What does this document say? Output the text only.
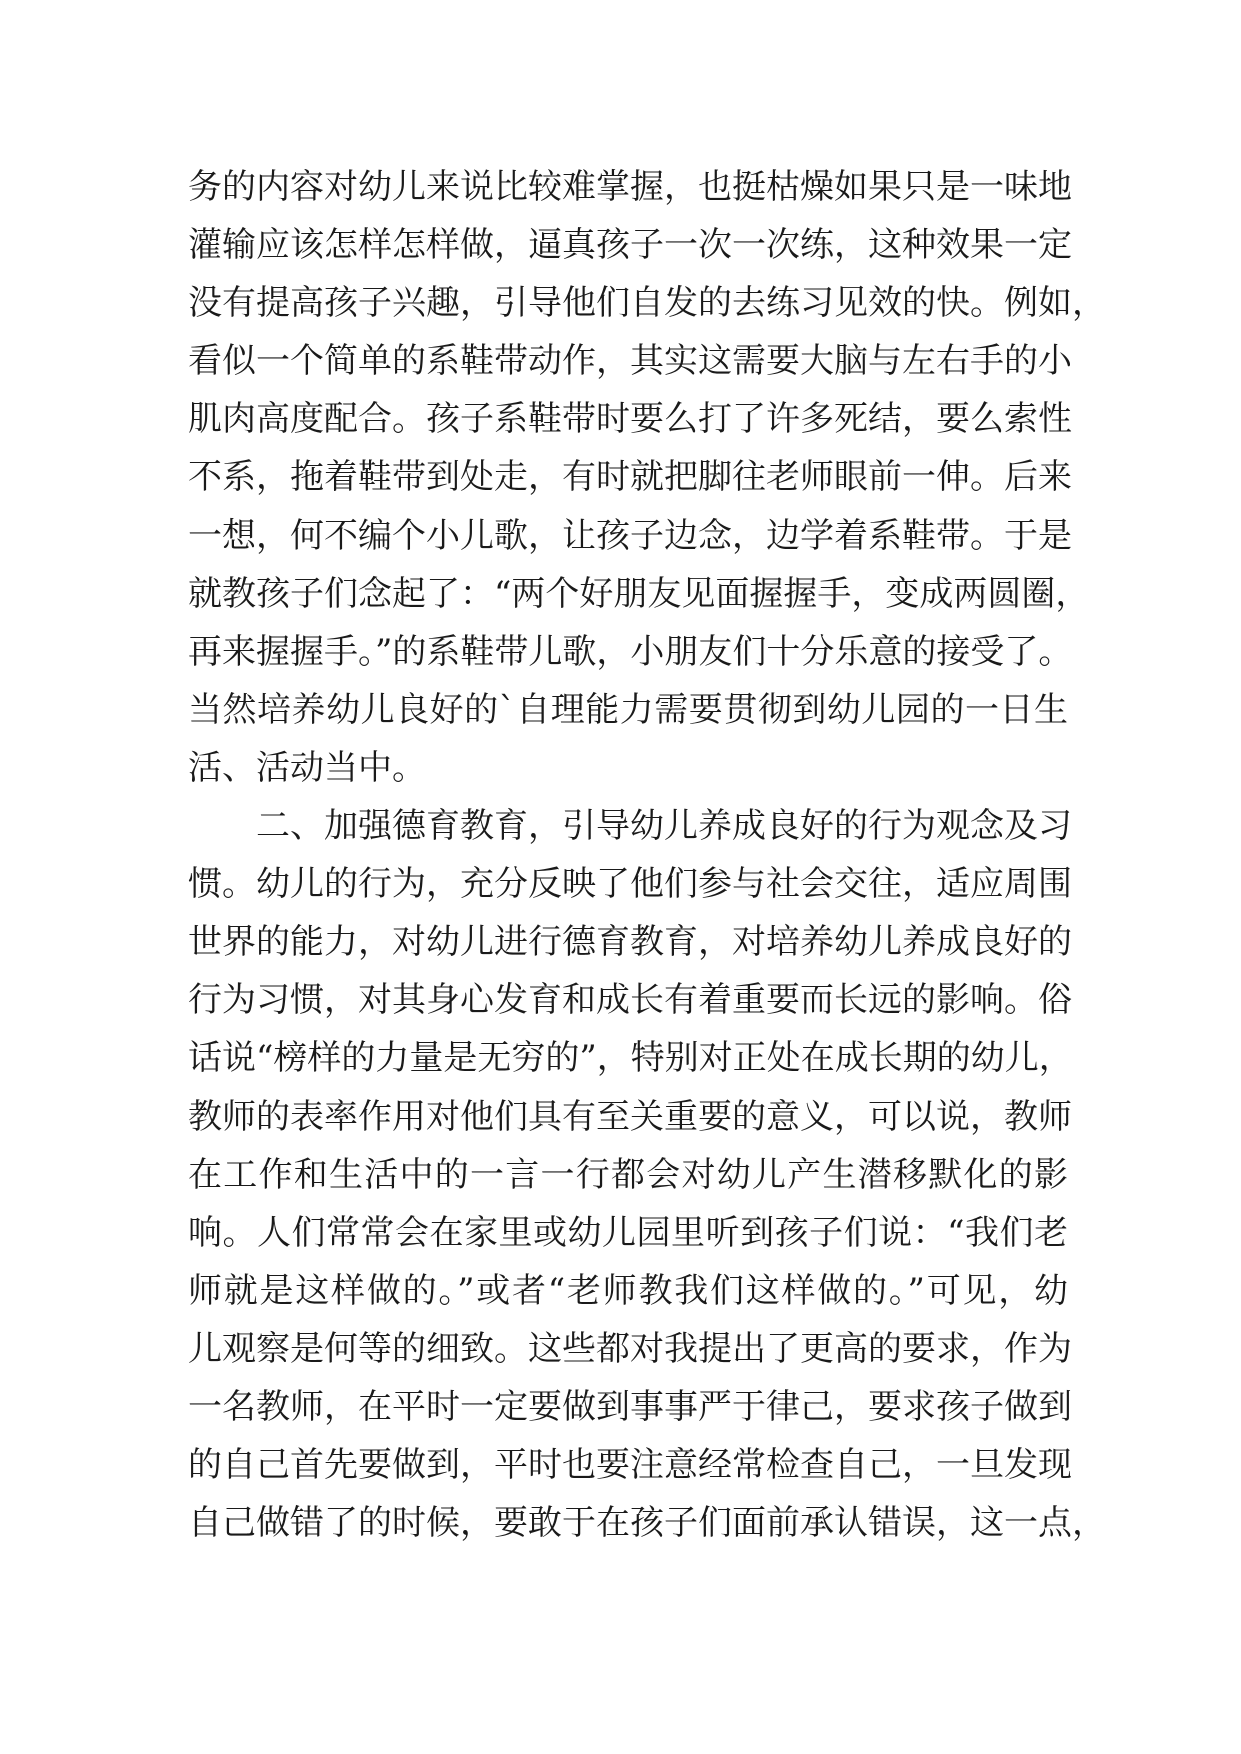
务的内容对幼儿来说比较难掌握，也挺枯燥如果只是一味地
灌输应该怎样怎样做，逼真孩子一次一次练，这种效果一定
没有提高孩子兴趣，引导他们自发的去练习见效的快。例如，
看似一个简单的系鞋带动作，其实这需要大脑与左右手的小
肌肉高度配合。孩子系鞋带时要么打了许多死结，要么索性
不系，拖着鞋带到处走，有时就把脚往老师眼前一伸。后来
一想，何不编个小儿歌，让孩子边念，边学着系鞋带。于是
就教孩子们念起了：“两个好朋友见面握握手，变成两圆圈，
再来握握手。”的系鞋带儿歌，小朋友们十分乐意的接受了。
当然培养幼儿良好的`自理能力需要贯彻到幼儿园的一日生
活、活动当中。
　　二、加强德育教育，引导幼儿养成良好的行为观念及习
惯。幼儿的行为，充分反映了他们参与社会交往，适应周围
世界的能力，对幼儿进行德育教育，对培养幼儿养成良好的
行为习惯，对其身心发育和成长有着重要而长远的影响。俗
话说“榜样的力量是无穷的”，特别对正处在成长期的幼儿，
教师的表率作用对他们具有至关重要的意义，可以说，教师
在工作和生活中的一言一行都会对幼儿产生潜移默化的影
响。人们常常会在家里或幼儿园里听到孩子们说：“我们老
师就是这样做的。”或者“老师教我们这样做的。”可见，幼
儿观察是何等的细致。这些都对我提出了更高的要求，作为
一名教师，在平时一定要做到事事严于律己，要求孩子做到
的自己首先要做到，平时也要注意经常检查自己，一旦发现
自己做错了的时候，要敢于在孩子们面前承认错误，这一点，
